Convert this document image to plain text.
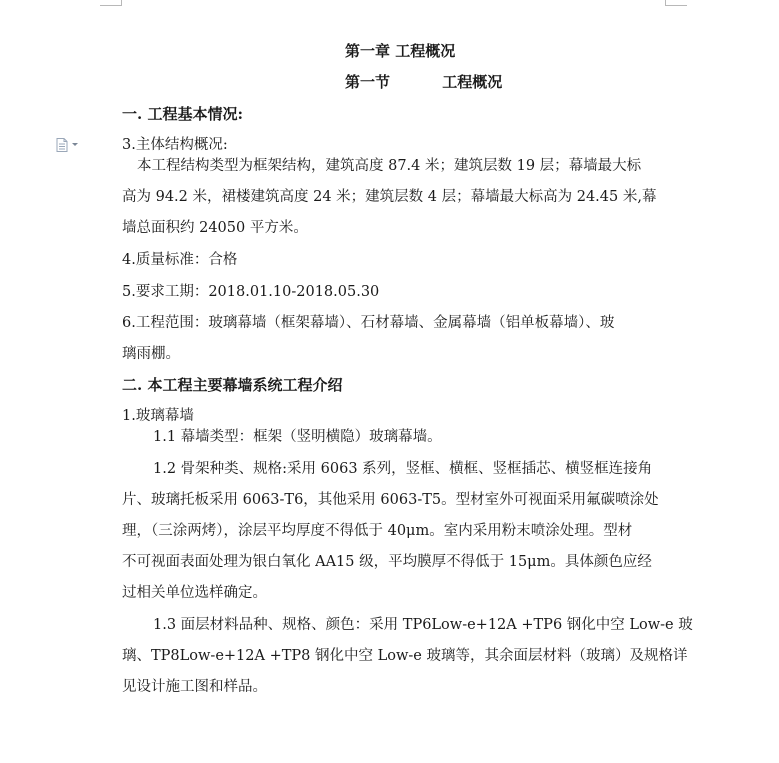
第一章 工程概况
第一节          工程概况
一. 工程基本情况:
3.主体结构概况:
本工程结构类型为框架结构，建筑高度 87.4 米；建筑层数 19 层；幕墙最大标
高为 94.2 米，裙楼建筑高度 24 米；建筑层数 4 层；幕墙最大标高为 24.45 米,幕
墙总面积约 24050 平方米。
4.质量标准：合格
5.要求工期：2018.01.10-2018.05.30
6.工程范围：玻璃幕墙（框架幕墙）、石材幕墙、金属幕墙（铝单板幕墙）、玻
璃雨棚。
二. 本工程主要幕墙系统工程介绍
1.玻璃幕墙
1.1 幕墙类型：框架（竖明横隐）玻璃幕墙。
1.2 骨架种类、规格:采用 6063 系列，竖框、横框、竖框插芯、横竖框连接角
片、玻璃托板采用 6063-T6，其他采用 6063-T5。型材室外可视面采用氟碳喷涂处
理，（三涂两烤），涂层平均厚度不得低于 40μm。室内采用粉末喷涂处理。型材
不可视面表面处理为银白氧化 AA15 级，平均膜厚不得低于 15μm。具体颜色应经
过相关单位选样确定。
1.3 面层材料品种、规格、颜色：采用 TP6Low-e+12A +TP6 钢化中空 Low-e 玻
璃、TP8Low-e+12A +TP8 钢化中空 Low-e 玻璃等，其余面层材料（玻璃）及规格详
见设计施工图和样品。
